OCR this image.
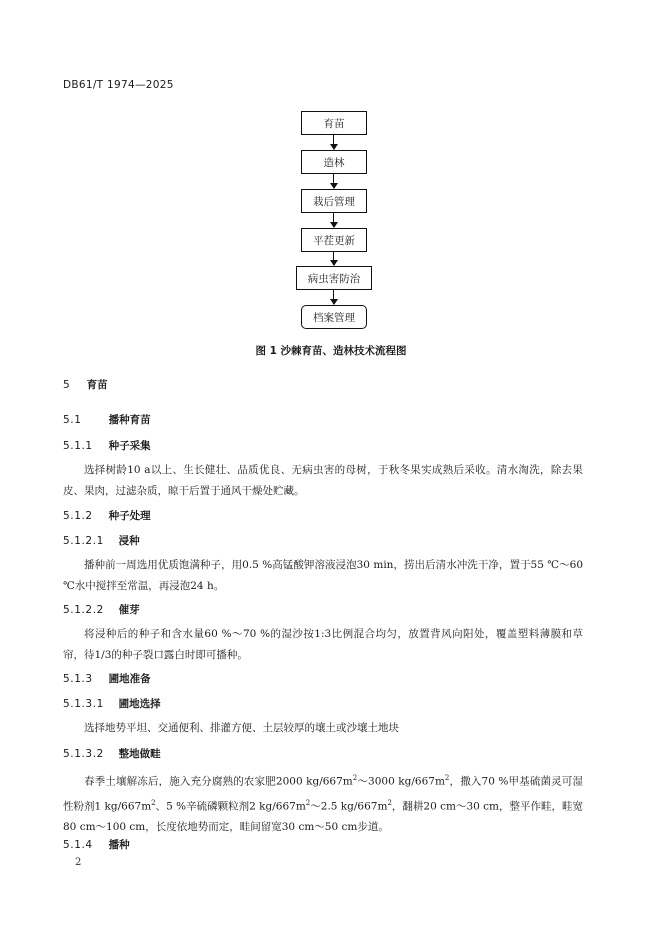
DB61/T 1974—2025
育苗
造林
栽后管理
平茬更新
病虫害防治
档案管理
图 1 沙棘育苗、造林技术流程图
5 育苗
5.1	播种育苗
5.1.1 种子采集
选择树龄10 a以上、生长健壮、品质优良、无病虫害的母树，于秋冬果实成熟后采收。清水淘洗，除去果皮、果肉，过滤杂质，晾干后置于通风干燥处贮藏。
5.1.2 种子处理
5.1.2.1 浸种
播种前一周选用优质饱满种子，用0.5 %高锰酸钾溶液浸泡30 min，捞出后清水冲洗干净，置于55 ℃～60 ℃水中搅拌至常温，再浸泡24 h。
5.1.2.2 催芽
将浸种后的种子和含水量60 %～70 %的湿沙按1:3比例混合均匀，放置背风向阳处，覆盖塑料薄膜和草帘，待1/3的种子裂口露白时即可播种。
5.1.3 圃地准备
5.1.3.1 圃地选择
选择地势平坦、交通便利、排灌方便、土层较厚的壤土或沙壤土地块
5.1.3.2 整地做畦
春季土壤解冻后，施入充分腐熟的农家肥2000 $kg/667m^2\sim 3000$ $kg/667m^2$，撒入70 %甲基硫菌灵可湿性粉剂1 $kg/667m^2$、5 %辛硫磷颗粒剂2 $kg/667m^2\sim 2.5$ $kg/667m^2$，翻耕20 cm～30 cm，整平作畦，畦宽80 cm～100 cm，长度依地势而定，畦间留宽30 cm～50 cm步道。
5.1.4 播种
2
